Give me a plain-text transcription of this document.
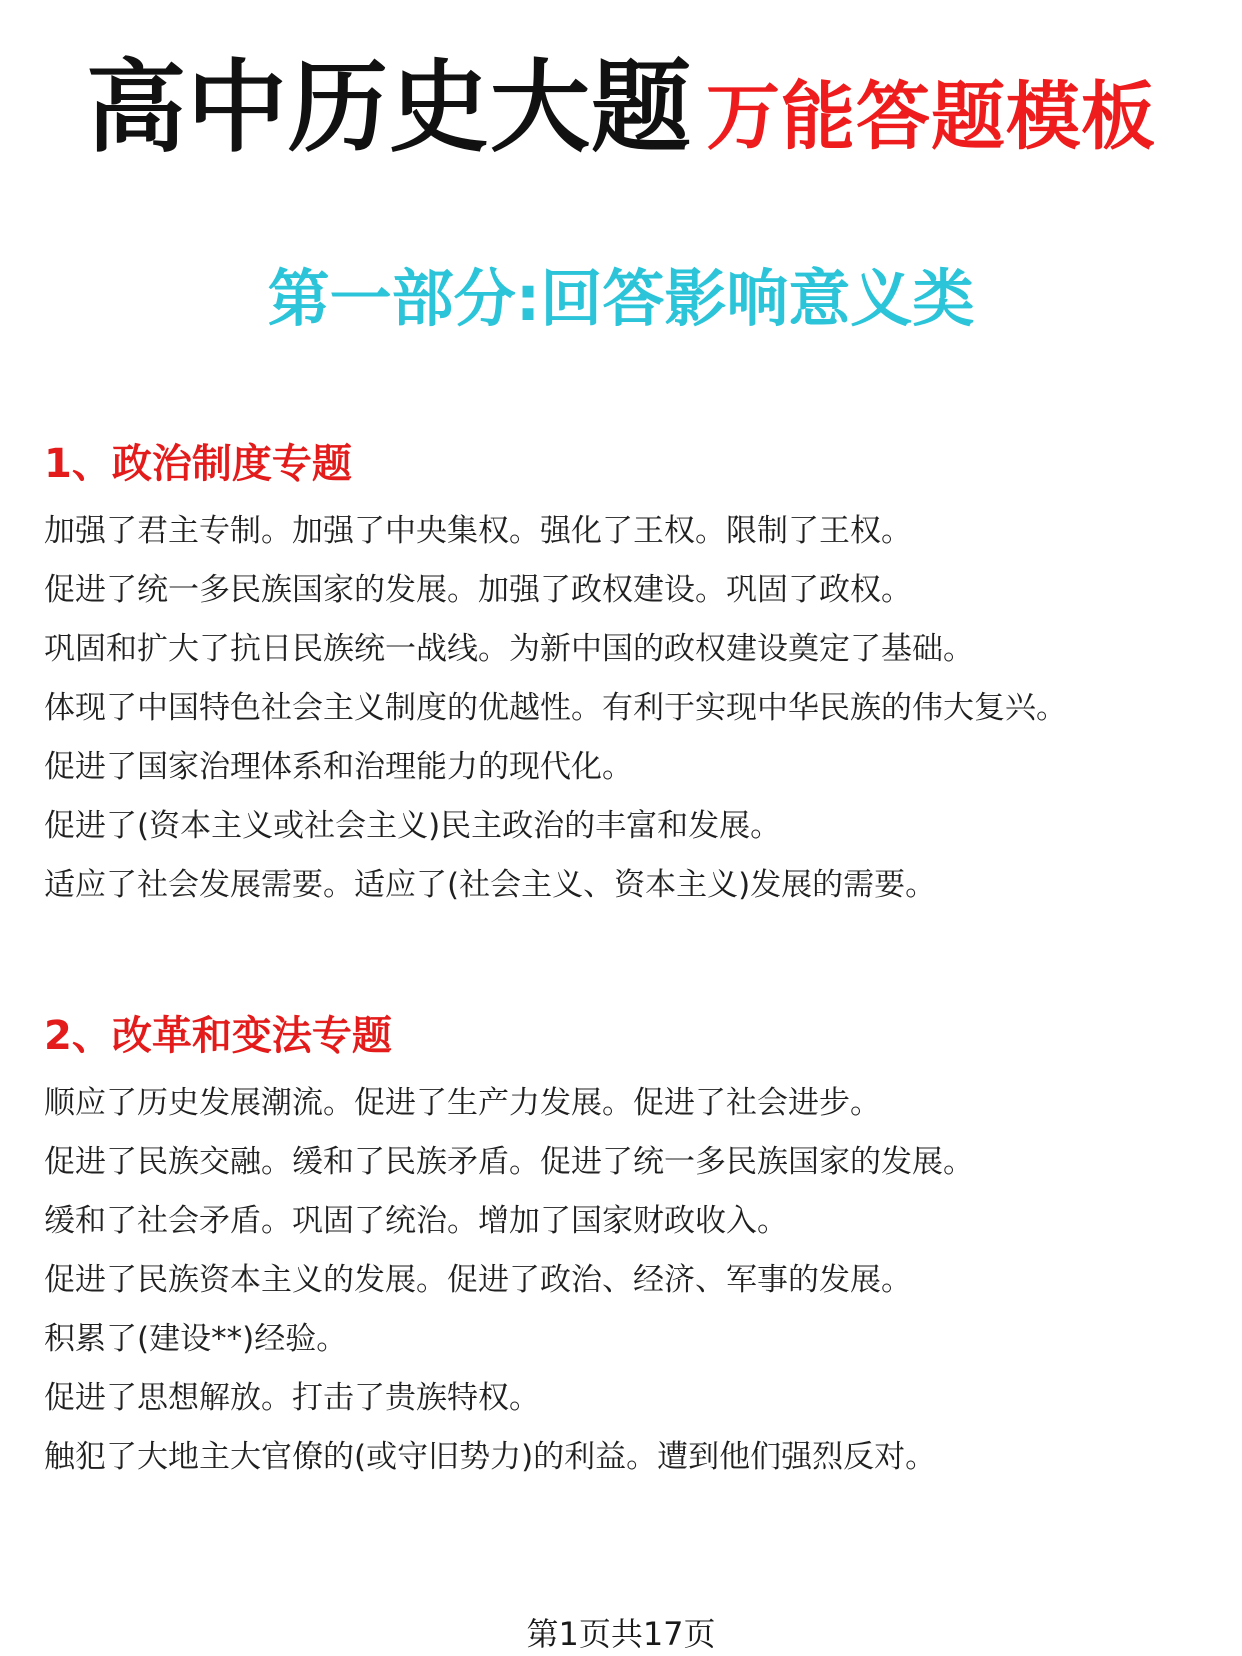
高中历史大题 万能答题模板
第一部分:回答影响意义类
1、政治制度专题
加强了君主专制。加强了中央集权。强化了王权。限制了王权。
促进了统一多民族国家的发展。加强了政权建设。巩固了政权。
巩固和扩大了抗日民族统一战线。为新中国的政权建设奠定了基础。
体现了中国特色社会主义制度的优越性。有利于实现中华民族的伟大复兴。
促进了国家治理体系和治理能力的现代化。
促进了(资本主义或社会主义)民主政治的丰富和发展。
适应了社会发展需要。适应了(社会主义、资本主义)发展的需要。
2、改革和变法专题
顺应了历史发展潮流。促进了生产力发展。促进了社会进步。
促进了民族交融。缓和了民族矛盾。促进了统一多民族国家的发展。
缓和了社会矛盾。巩固了统治。增加了国家财政收入。
促进了民族资本主义的发展。促进了政治、经济、军事的发展。
积累了(建设**)经验。
促进了思想解放。打击了贵族特权。
触犯了大地主大官僚的(或守旧势力)的利益。遭到他们强烈反对。
第1页共17页
